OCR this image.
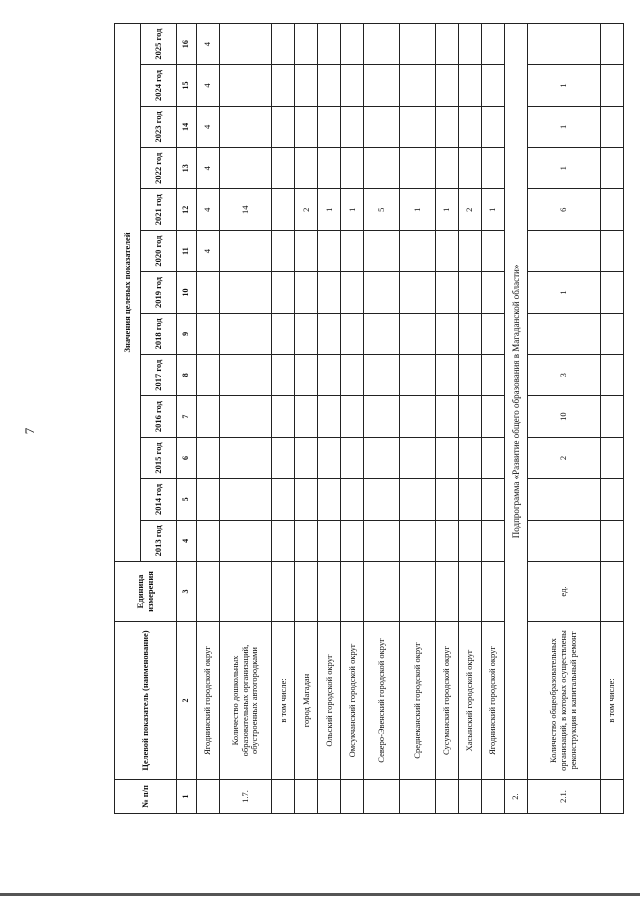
7
№ п/п	Целевой показатель (наименование)	Единица измерения	Значения целевых показателей												
			2013 год	2014 год	2015 год	2016 год	2017 год	2018 год	2019 год	2020 год	2021 год	2022 год	2023 год	2024 год	2025 год
1	2	3	4	5	6	7	8	9	10	11	12	13	14	15	16
	Ягоднинский городской округ									4	4	4	4	4	4
1.7.	Количество дошкольных образовательных организаций, обустроенных автогородками										14				
	в том числе:														
	город Магадан										2				
	Ольский городской округ										1				
	Омсукчанский городской округ										1				
	Северо-Эвенский городской округ										5				
	Среднеканский городской округ										1				
	Сусуманский городской округ										1				
	Хасынский городской округ										2				
	Ягоднинский городской округ										1				
2.	Подпрограмма «Развитие общего образования в Магаданской области»														
2.1.	Количество общеобразовательных организаций, в которых осуществлены реконструкция и капитальный ремонт	ед.			2	10	3		1		6	1	1	1	
	в том числе:														
